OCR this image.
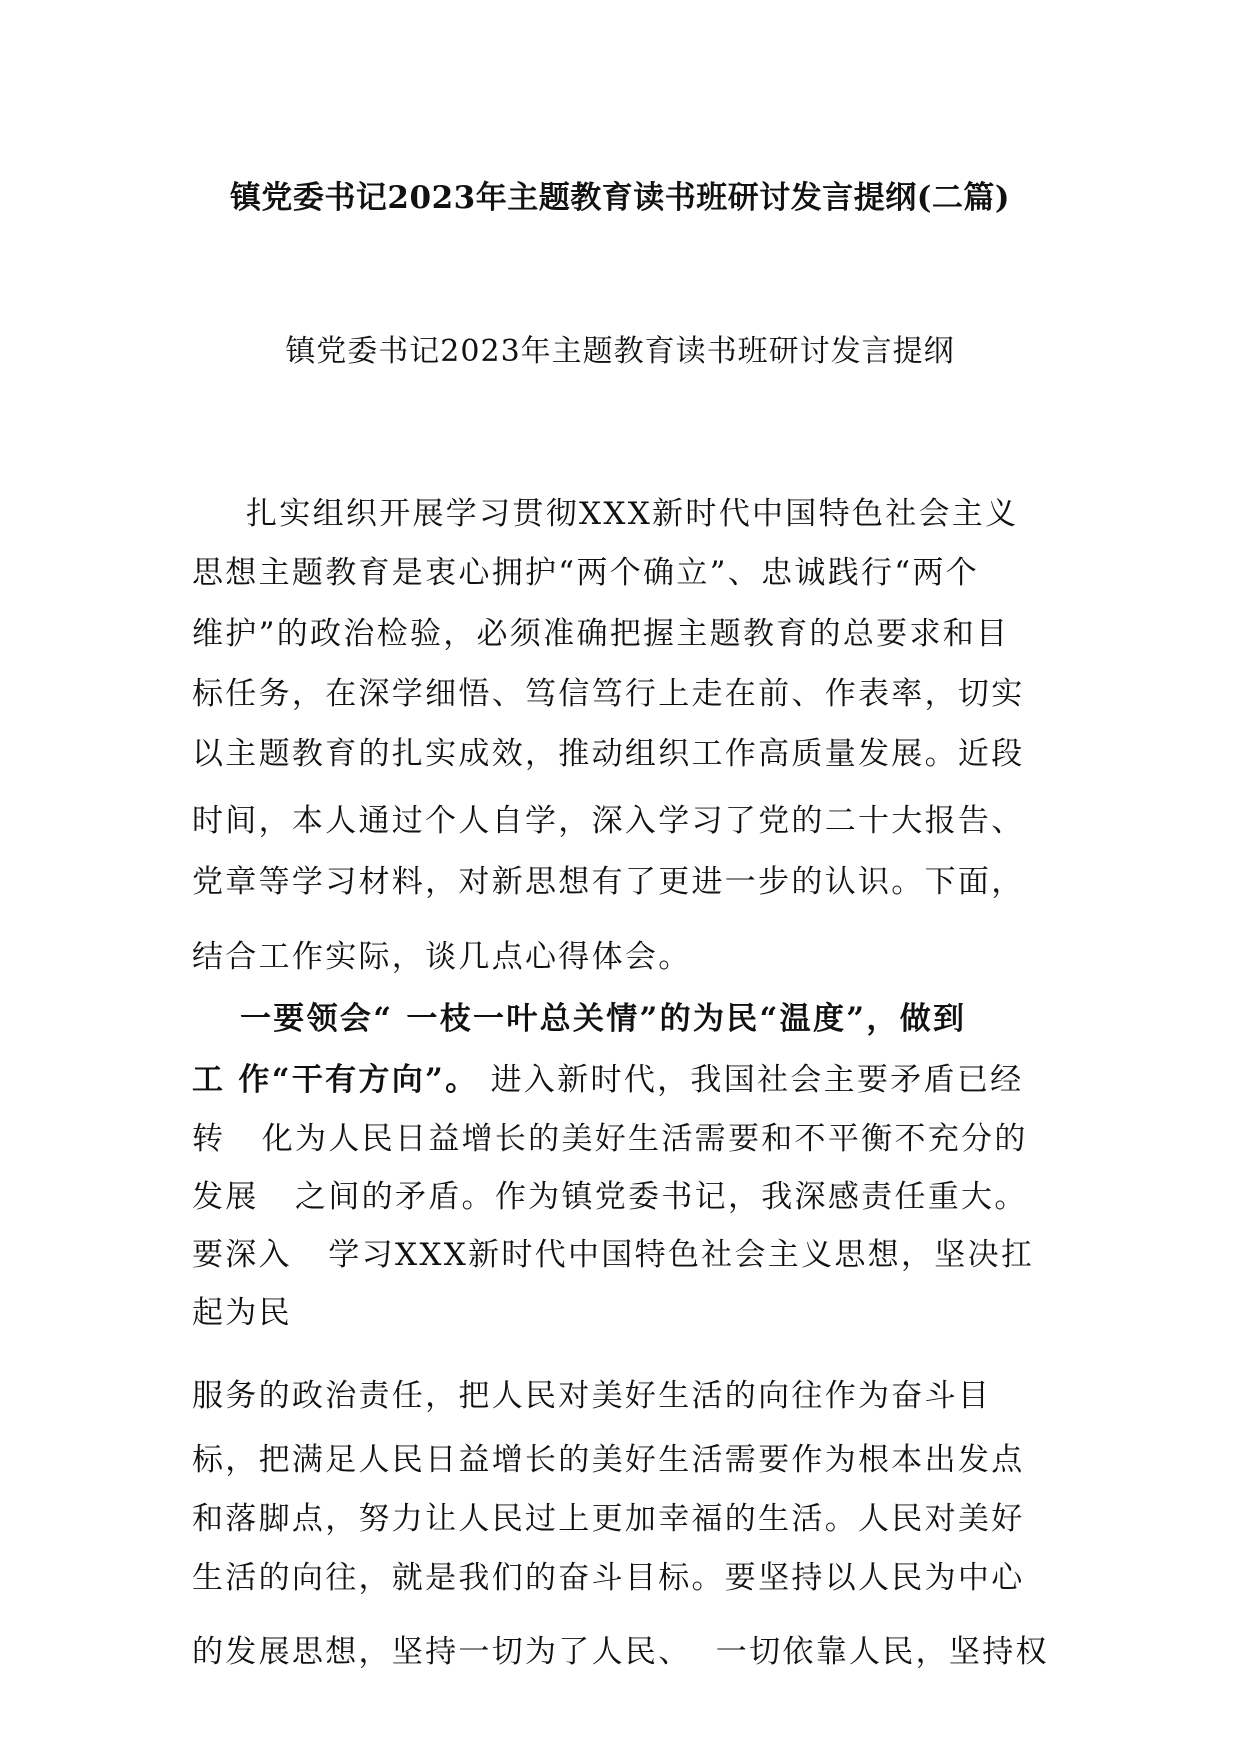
镇党委书记2023年主题教育读书班研讨发言提纲(二篇)
镇党委书记2023年主题教育读书班研讨发言提纲
扎实组织开展学习贯彻XXX新时代中国特色社会主义
思想主题教育是衷心拥护“两个确立”、忠诚践行“两个
维护”的政治检验，必须准确把握主题教育的总要求和目
标任务，在深学细悟、笃信笃行上走在前、作表率，切实
以主题教育的扎实成效，推动组织工作高质量发展。近段
时间，本人通过个人自学，深入学习了党的二十大报告、
党章等学习材料，对新思想有了更进一步的认识。下面，
结合工作实际，谈几点心得体会。
一要领会“ 一枝一叶总关情”的为民“温度”，做到
工 作“干有方向”。 进入新时代，我国社会主要矛盾已经
转   化为人民日益增长的美好生活需要和不平衡不充分的
发展   之间的矛盾。作为镇党委书记，我深感责任重大。
要深入   学习XXX新时代中国特色社会主义思想，坚决扛
起为民
服务的政治责任，把人民对美好生活的向往作为奋斗目
标，把满足人民日益增长的美好生活需要作为根本出发点
和落脚点，努力让人民过上更加幸福的生活。人民对美好
生活的向往，就是我们的奋斗目标。要坚持以人民为中心
的发展思想，坚持一切为了人民、  一切依靠人民，坚持权
